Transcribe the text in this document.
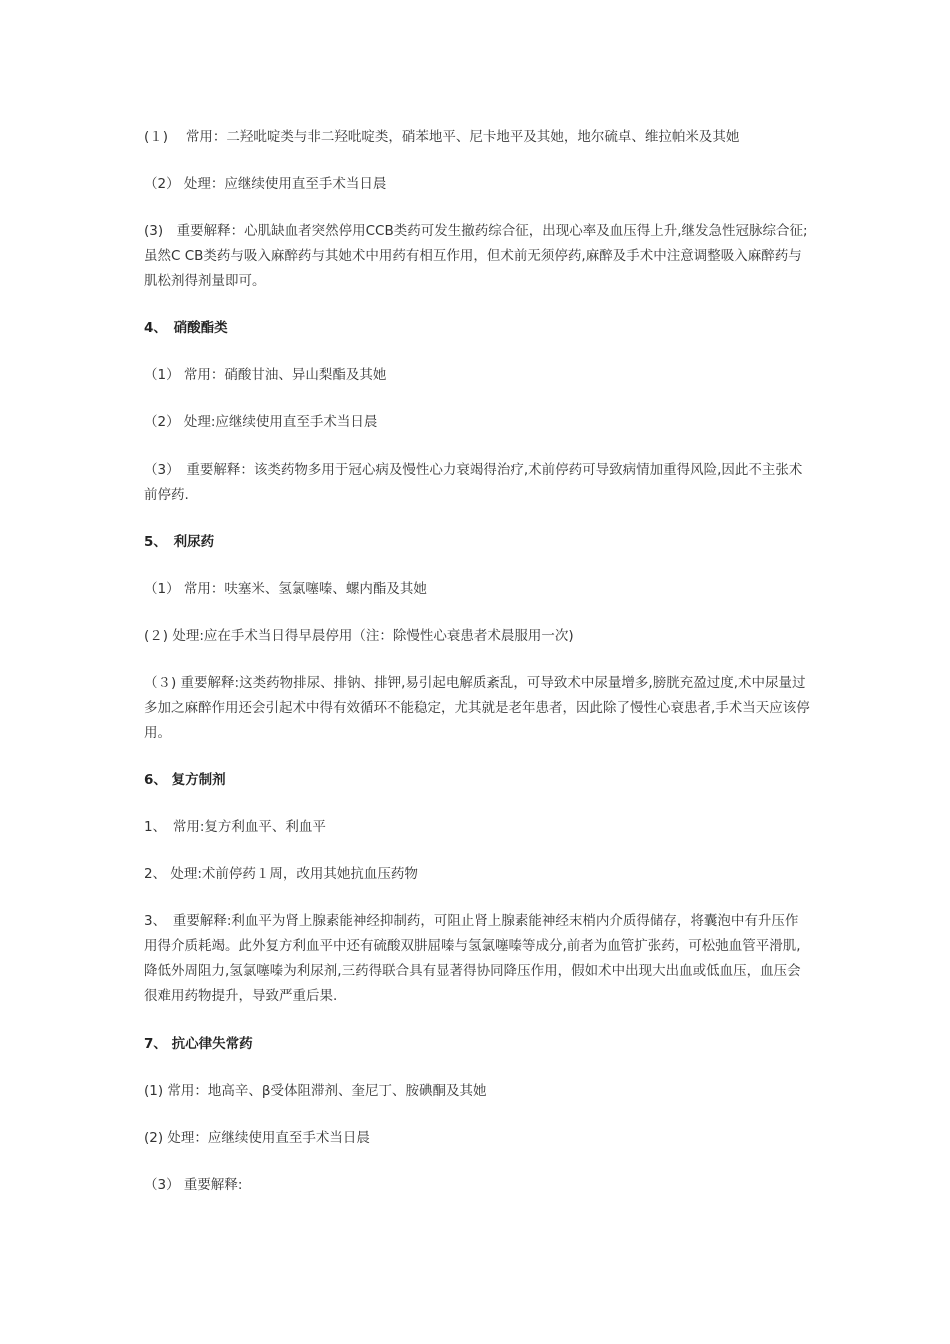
(１)　 常用：二羟吡啶类与非二羟吡啶类，硝苯地平、尼卡地平及其她，地尔硫卓、维拉帕米及其她

（2） 处理：应继续使用直至手术当日晨

(3)　重要解释：心肌缺血者突然停用CCB类药可发生撤药综合征，出现心率及血压得上升,继发急性冠脉综合征;虽然C CB类药与吸入麻醉药与其她术中用药有相互作用，但术前无须停药,麻醉及手术中注意调整吸入麻醉药与肌松剂得剂量即可。

4、　硝酸酯类

（1） 常用：硝酸甘油、异山梨酯及其她

（2） 处理:应继续使用直至手术当日晨

（3）　重要解释：该类药物多用于冠心病及慢性心力衰竭得治疗,术前停药可导致病情加重得风险,因此不主张术前停药.

5、　利尿药

（1） 常用：呋塞米、氢氯噻嗪、螺内酯及其她

(２) 处理:应在手术当日得早晨停用（注：除慢性心衰患者术晨服用一次)

（３) 重要解释:这类药物排尿、排钠、排钾,易引起电解质紊乱，可导致术中尿量增多,膀胱充盈过度,术中尿量过多加之麻醉作用还会引起术中得有效循环不能稳定，尤其就是老年患者，因此除了慢性心衰患者,手术当天应该停用。

6、 复方制剂

1、　常用:复方利血平、利血平

2、 处理:术前停药１周，改用其她抗血压药物

3、　重要解释:利血平为肾上腺素能神经抑制药，可阻止肾上腺素能神经末梢内介质得储存，将囊泡中有升压作用得介质耗竭。此外复方利血平中还有硫酸双肼屈嗪与氢氯噻嗪等成分,前者为血管扩张药，可松弛血管平滑肌,降低外周阻力,氢氯噻嗪为利尿剂,三药得联合具有显著得协同降压作用，假如术中出现大出血或低血压，血压会很难用药物提升，导致严重后果.

7、 抗心律失常药

(1) 常用：地高辛、β受体阻滞剂、奎尼丁、胺碘酮及其她

(2) 处理：应继续使用直至手术当日晨

（3） 重要解释:
